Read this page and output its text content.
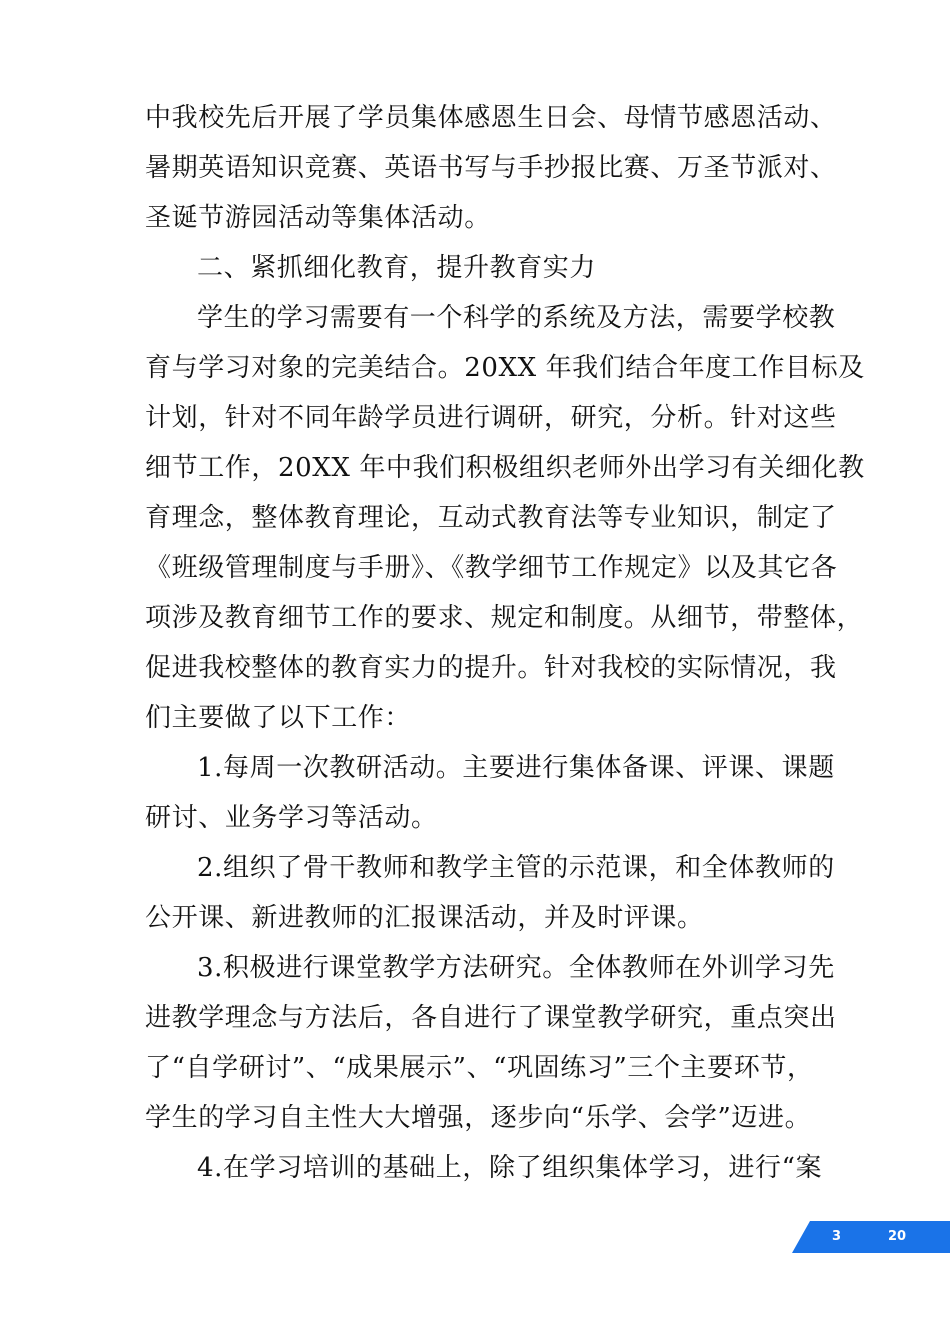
中我校先后开展了学员集体感恩生日会、母情节感恩活动、
暑期英语知识竞赛、英语书写与手抄报比赛、万圣节派对、
圣诞节游园活动等集体活动。
二、紧抓细化教育，提升教育实力
学生的学习需要有一个科学的系统及方法，需要学校教
育与学习对象的完美结合。20XX 年我们结合年度工作目标及
计划，针对不同年龄学员进行调研，研究，分析。针对这些
细节工作，20XX 年中我们积极组织老师外出学习有关细化教
育理念，整体教育理论，互动式教育法等专业知识，制定了
《班级管理制度与手册》、《教学细节工作规定》以及其它各
项涉及教育细节工作的要求、规定和制度。从细节，带整体，
促进我校整体的教育实力的提升。针对我校的实际情况，我
们主要做了以下工作：
1.每周一次教研活动。主要进行集体备课、评课、课题
研讨、业务学习等活动。
2.组织了骨干教师和教学主管的示范课，和全体教师的
公开课、新进教师的汇报课活动，并及时评课。
3.积极进行课堂教学方法研究。全体教师在外训学习先
进教学理念与方法后，各自进行了课堂教学研究，重点突出
了“自学研讨”、“成果展示”、“巩固练习”三个主要环节，
学生的学习自主性大大增强，逐步向“乐学、会学”迈进。
4.在学习培训的基础上，除了组织集体学习，进行“案
3	20
